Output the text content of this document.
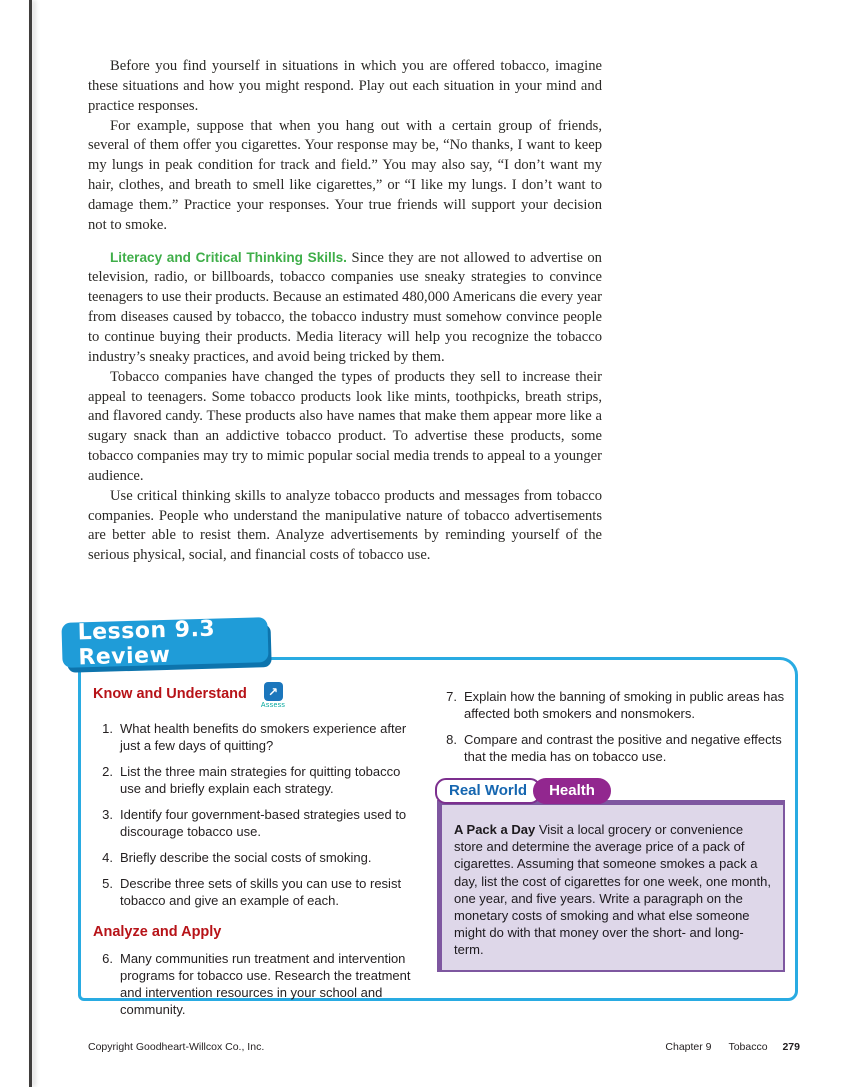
Before you find yourself in situations in which you are offered tobacco, imagine these situations and how you might respond. Play out each situation in your mind and practice responses.

For example, suppose that when you hang out with a certain group of friends, several of them offer you cigarettes. Your response may be, “No thanks, I want to keep my lungs in peak condition for track and field.” You may also say, “I don’t want my hair, clothes, and breath to smell like cigarettes,” or “I like my lungs. I don’t want to damage them.” Practice your responses. Your true friends will support your decision not to smoke.

Literacy and Critical Thinking Skills. Since they are not allowed to advertise on television, radio, or billboards, tobacco companies use sneaky strategies to convince teenagers to use their products. Because an estimated 480,000 Americans die every year from diseases caused by tobacco, the tobacco industry must somehow convince people to continue buying their products. Media literacy will help you recognize the tobacco industry’s sneaky practices, and avoid being tricked by them.

Tobacco companies have changed the types of products they sell to increase their appeal to teenagers. Some tobacco products look like mints, toothpicks, breath strips, and flavored candy. These products also have names that make them appear more like a sugary snack than an addictive tobacco product. To advertise these products, some tobacco companies may try to mimic popular social media trends to appeal to a younger audience.

Use critical thinking skills to analyze tobacco products and messages from tobacco companies. People who understand the manipulative nature of tobacco advertisements are better able to resist them. Analyze advertisements by reminding yourself of the serious physical, social, and financial costs of tobacco use.

Lesson 9.3 Review
Know and Understand	↗
Assess
1. What health benefits do smokers experience after just a few days of quitting?
2. List the three main strategies for quitting tobacco use and briefly explain each strategy.
3. Identify four government-based strategies used to discourage tobacco use.
4. Briefly describe the social costs of smoking.
5. Describe three sets of skills you can use to resist tobacco and give an example of each.
Analyze and Apply
6. Many communities run treatment and intervention programs for tobacco use. Research the treatment and intervention resources in your school and community.
7. Explain how the banning of smoking in public areas has affected both smokers and nonsmokers.
8. Compare and contrast the positive and negative effects that the media has on tobacco use.
Real World	Health
A Pack a Day Visit a local grocery or convenience store and determine the average price of a pack of cigarettes. Assuming that someone smokes a pack a day, list the cost of cigarettes for one week, one month, one year, and five years. Write a paragraph on the monetary costs of smoking and what else someone might do with that money over the short- and long-term.
Copyright Goodheart-Willcox Co., Inc.	Chapter 9 Tobacco 279
